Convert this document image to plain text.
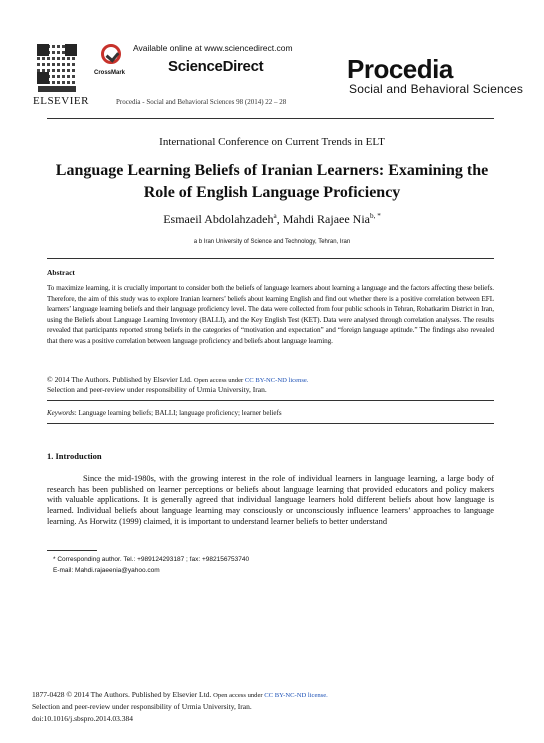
ELSEVIER
CrossMark
Available online at www.sciencedirect.com
ScienceDirect
Procedia - Social and Behavioral Sciences 98 (2014) 22 – 28
Procedia
Social and Behavioral Sciences
International Conference on Current Trends in ELT
Language Learning Beliefs of Iranian Learners: Examining the
Role of English Language Proficiency
Esmaeil Abdolahzadeh$^a$, Mahdi Rajaee Nia$^{b, *}$
a b Iran University of Science and Technology, Tehran, Iran
Abstract
To maximize learning, it is crucially important to consider both the beliefs of language learners about learning a language and the factors affecting these beliefs. Therefore, the aim of this study was to explore Iranian learners’ beliefs about learning English and find out whether there is a positive correlation between EFL learners’ language learning beliefs and their language proficiency level. The data were collected from four public schools in Tehran, Robatkarim District in Iran, using the Beliefs about Language Learning Inventory (BALLI), and the Key English Test (KET). Data were analysed through correlation analyses. The results revealed that participants reported strong beliefs in the categories of “motivation and expectation” and “foreign language aptitude.” The findings also revealed that there was a positive correlation between language proficiency and beliefs about language learning.
© 2014 The Authors. Published by Elsevier Ltd. Open access under CC BY-NC-ND license.
Selection and peer-review under responsibility of Urmia University, Iran.
Keywords: Language learning beliefs; BALLI; language proficiency; learner beliefs
1. Introduction
Since the mid-1980s, with the growing interest in the role of individual learners in language learning, a large body of research has been published on learner perceptions or beliefs about language learning that provided educators and policy makers with valuable applications. It is generally agreed that individual language learners hold different beliefs about how language is learned. Individual beliefs about language learning may consciously or unconsciously influence learners’ approaches to language learning. As Horwitz (1999) claimed, it is important to understand learner beliefs to better understand
* Corresponding author. Tel.: +989124293187 ; fax: +982156753740
E-mail: Mahdi.rajaeenia@yahoo.com
1877-0428 © 2014 The Authors. Published by Elsevier Ltd. Open access under CC BY-NC-ND license.
Selection and peer-review under responsibility of Urmia University, Iran.
doi:10.1016/j.sbspro.2014.03.384
